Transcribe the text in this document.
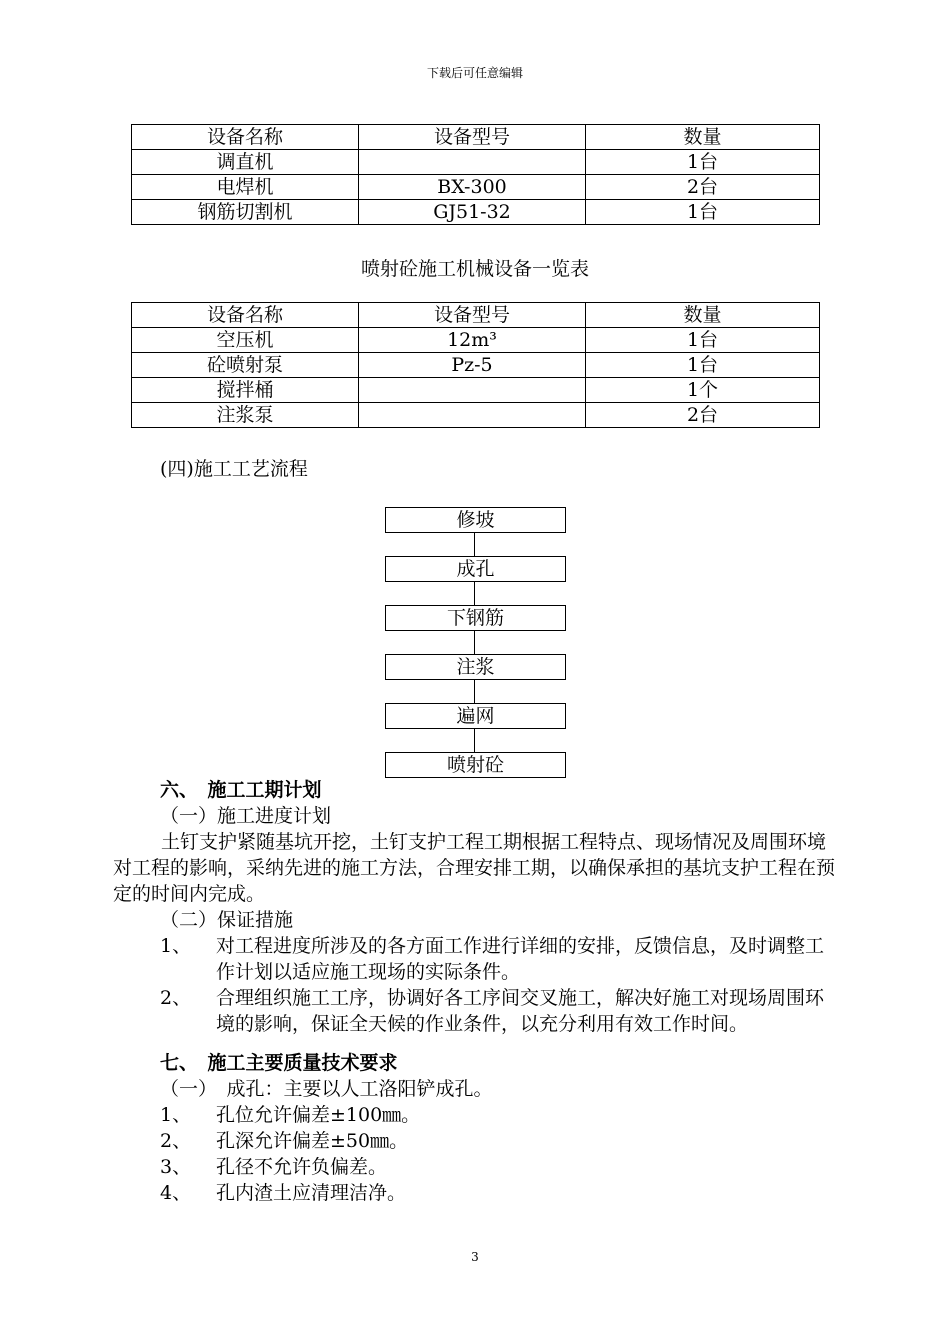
下载后可任意编辑
设备名称	设备型号	数量
调直机		1台
电焊机	BX-300	2台
钢筋切割机	GJ51-32	1台
喷射砼施工机械设备一览表
设备名称	设备型号	数量
空压机	12m³	1台
砼喷射泵	Pz-5	1台
搅拌桶		1个
注浆泵		2台
(四)施工工艺流程
修坡
成孔
下钢筋
注浆
遍网
喷射砼
六、　施工工期计划
（一）施工进度计划
土钉支护紧随基坑开挖，土钉支护工程工期根据工程特点、现场情况及周围环境对工程的影响，采纳先进的施工方法，合理安排工期，以确保承担的基坑支护工程在预定的时间内完成。
（二）保证措施
1、 对工程进度所涉及的各方面工作进行详细的安排，反馈信息，及时调整工作计划以适应施工现场的实际条件。
2、 合理组织施工工序，协调好各工序间交叉施工，解决好施工对现场周围环境的影响，保证全天候的作业条件，以充分利用有效工作时间。
七、　施工主要质量技术要求
（一）　成孔：主要以人工洛阳铲成孔。
1、 孔位允许偏差±100㎜。
2、 孔深允许偏差±50㎜。
3、 孔径不允许负偏差。
4、 孔内渣土应清理洁净。
3
